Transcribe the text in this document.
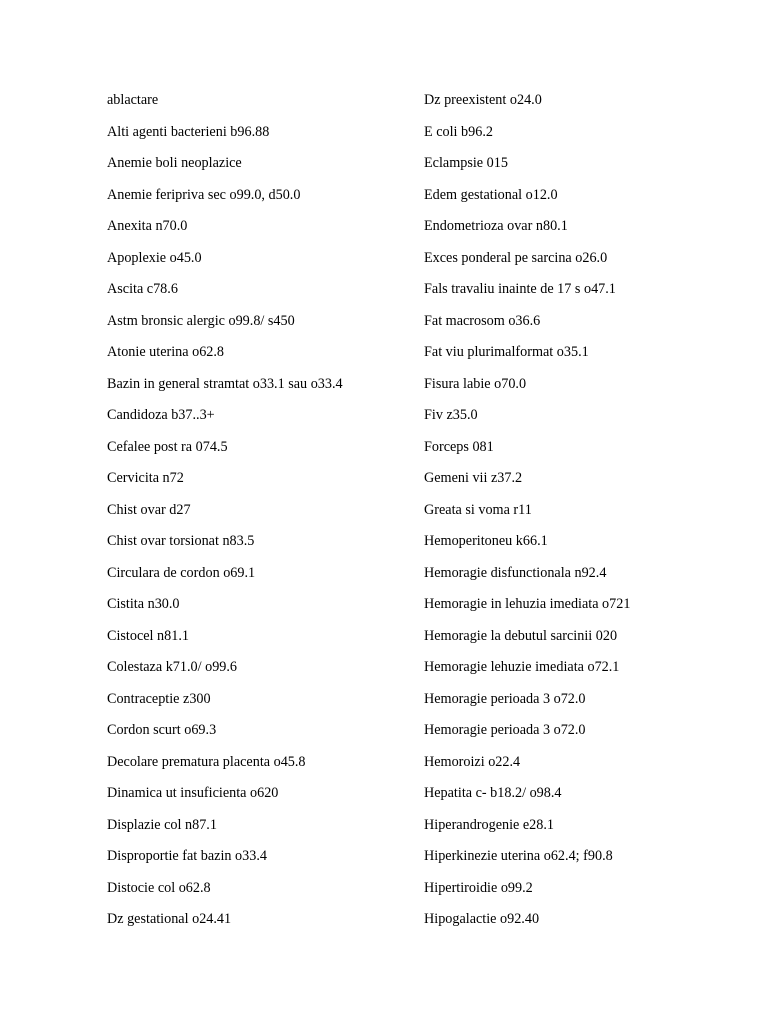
ablactare
Alti agenti bacterieni b96.88
Anemie boli neoplazice
Anemie feripriva sec o99.0, d50.0
Anexita n70.0
Apoplexie o45.0
Ascita c78.6
Astm bronsic alergic o99.8/ s450
Atonie uterina o62.8
Bazin in general stramtat o33.1 sau o33.4
Candidoza b37..3+
Cefalee post ra 074.5
Cervicita n72
Chist ovar d27
Chist ovar torsionat n83.5
Circulara de cordon o69.1
Cistita n30.0
Cistocel n81.1
Colestaza k71.0/ o99.6
Contraceptie z300
Cordon scurt o69.3
Decolare prematura placenta o45.8
Dinamica ut insuficienta o620
Displazie col n87.1
Disproportie fat bazin o33.4
Distocie col o62.8
Dz gestational o24.41
Dz preexistent o24.0
E coli b96.2
Eclampsie 015
Edem gestational o12.0
Endometrioza ovar n80.1
Exces ponderal pe sarcina o26.0
Fals travaliu inainte de 17 s o47.1
Fat macrosom o36.6
Fat viu plurimalformat o35.1
Fisura labie o70.0
Fiv z35.0
Forceps 081
Gemeni vii z37.2
Greata si voma r11
Hemoperitoneu k66.1
Hemoragie disfunctionala n92.4
Hemoragie in lehuzia imediata o721
Hemoragie la debutul sarcinii 020
Hemoragie lehuzie imediata o72.1
Hemoragie perioada 3 o72.0
Hemoragie perioada 3 o72.0
Hemoroizi o22.4
Hepatita c- b18.2/ o98.4
Hiperandrogenie e28.1
Hiperkinezie uterina o62.4; f90.8
Hipertiroidie o99.2
Hipogalactie o92.40
